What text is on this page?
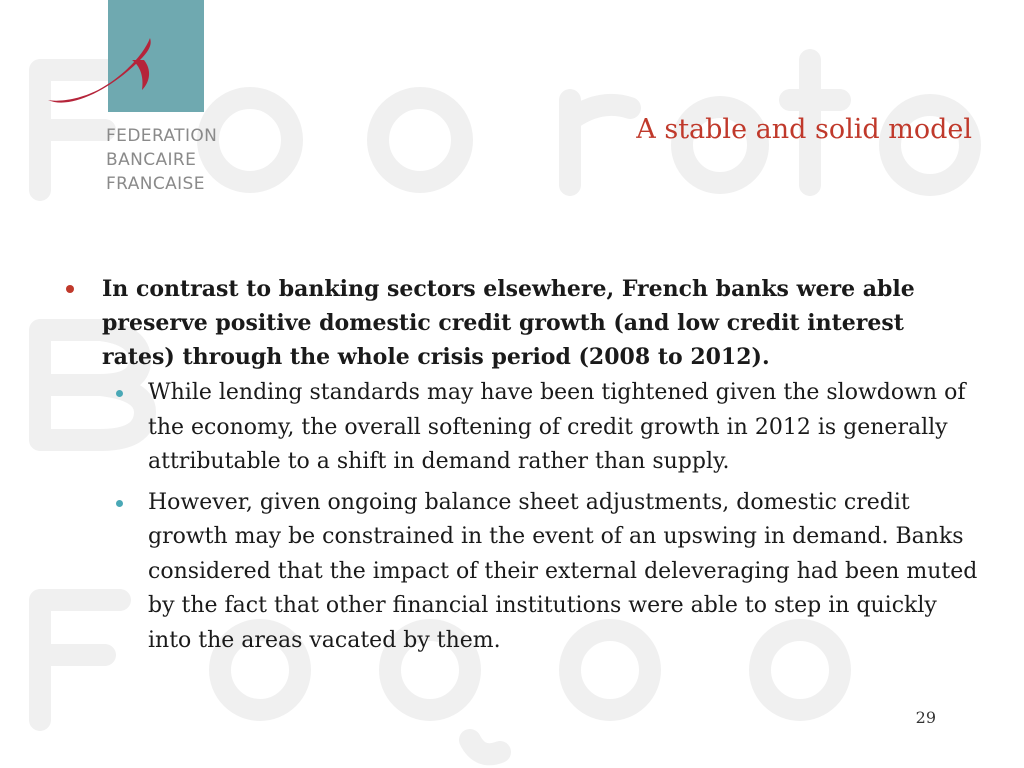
FEDERATION
BANCAIRE
FRANCAISE
A stable and solid model
In contrast to banking sectors elsewhere, French banks were able preserve positive domestic credit growth (and low credit interest rates) through the whole crisis period (2008 to 2012).
While lending standards may have been tightened given the slowdown of the economy, the overall softening of credit growth in 2012 is generally attributable to a shift in demand rather than supply.
However, given ongoing balance sheet adjustments, domestic credit growth may be constrained in the event of an upswing in demand. Banks considered that the impact of their external deleveraging had been muted by the fact that other financial institutions were able to step in quickly into the areas vacated by them.
29
